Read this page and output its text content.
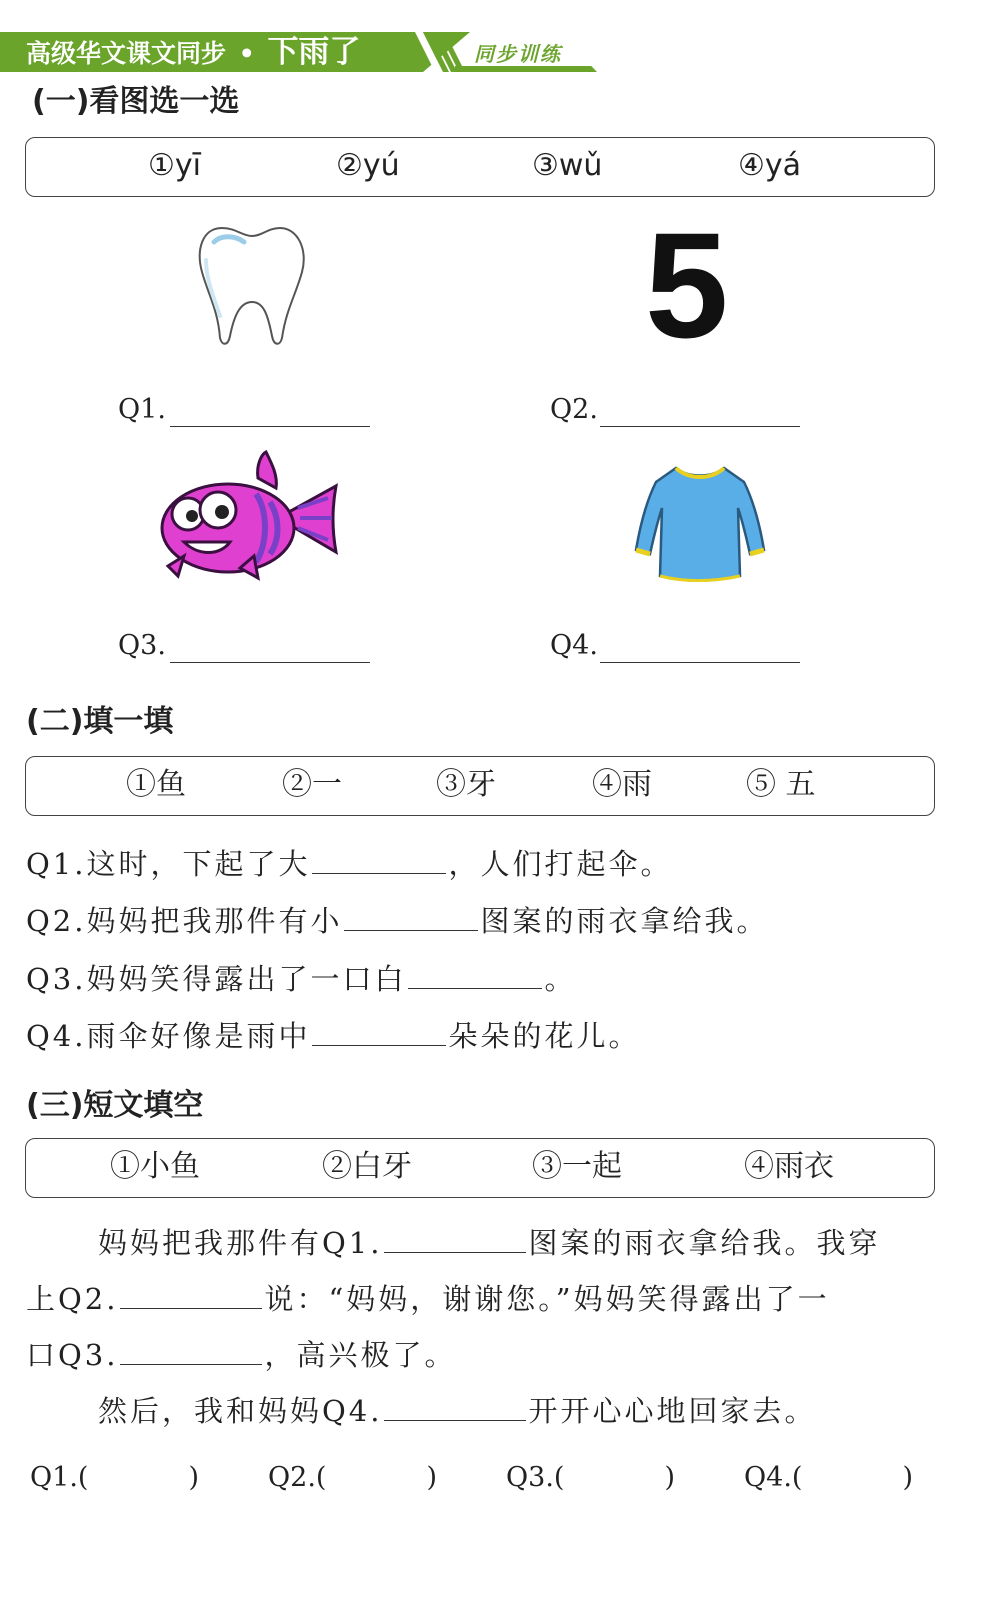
高级华文课文同步 • 下雨了	同步训练
(一)看图选一选
①yī	②yú	③wǔ	④yá
5
Q1.	Q2.
Q3.	Q4.
(二)填一填
①鱼	②一	③牙	④雨	⑤ 五
Q1.这时，下起了大	，人们打起伞。
Q2.妈妈把我那件有小	图案的雨衣拿给我。
Q3.妈妈笑得露出了一口白	。
Q4.雨伞好像是雨中	朵朵的花儿。
(三)短文填空
①小鱼	②白牙	③一起	④雨衣
妈妈把我那件有Q1.	图案的雨衣拿给我。我穿
上Q2.	说：“妈妈，谢谢您。”妈妈笑得露出了一
口Q3.	，高兴极了。
然后，我和妈妈Q4.	开开心心地回家去。
Q1.(	)	Q2.(	)	Q3.(	)	Q4.(	)
